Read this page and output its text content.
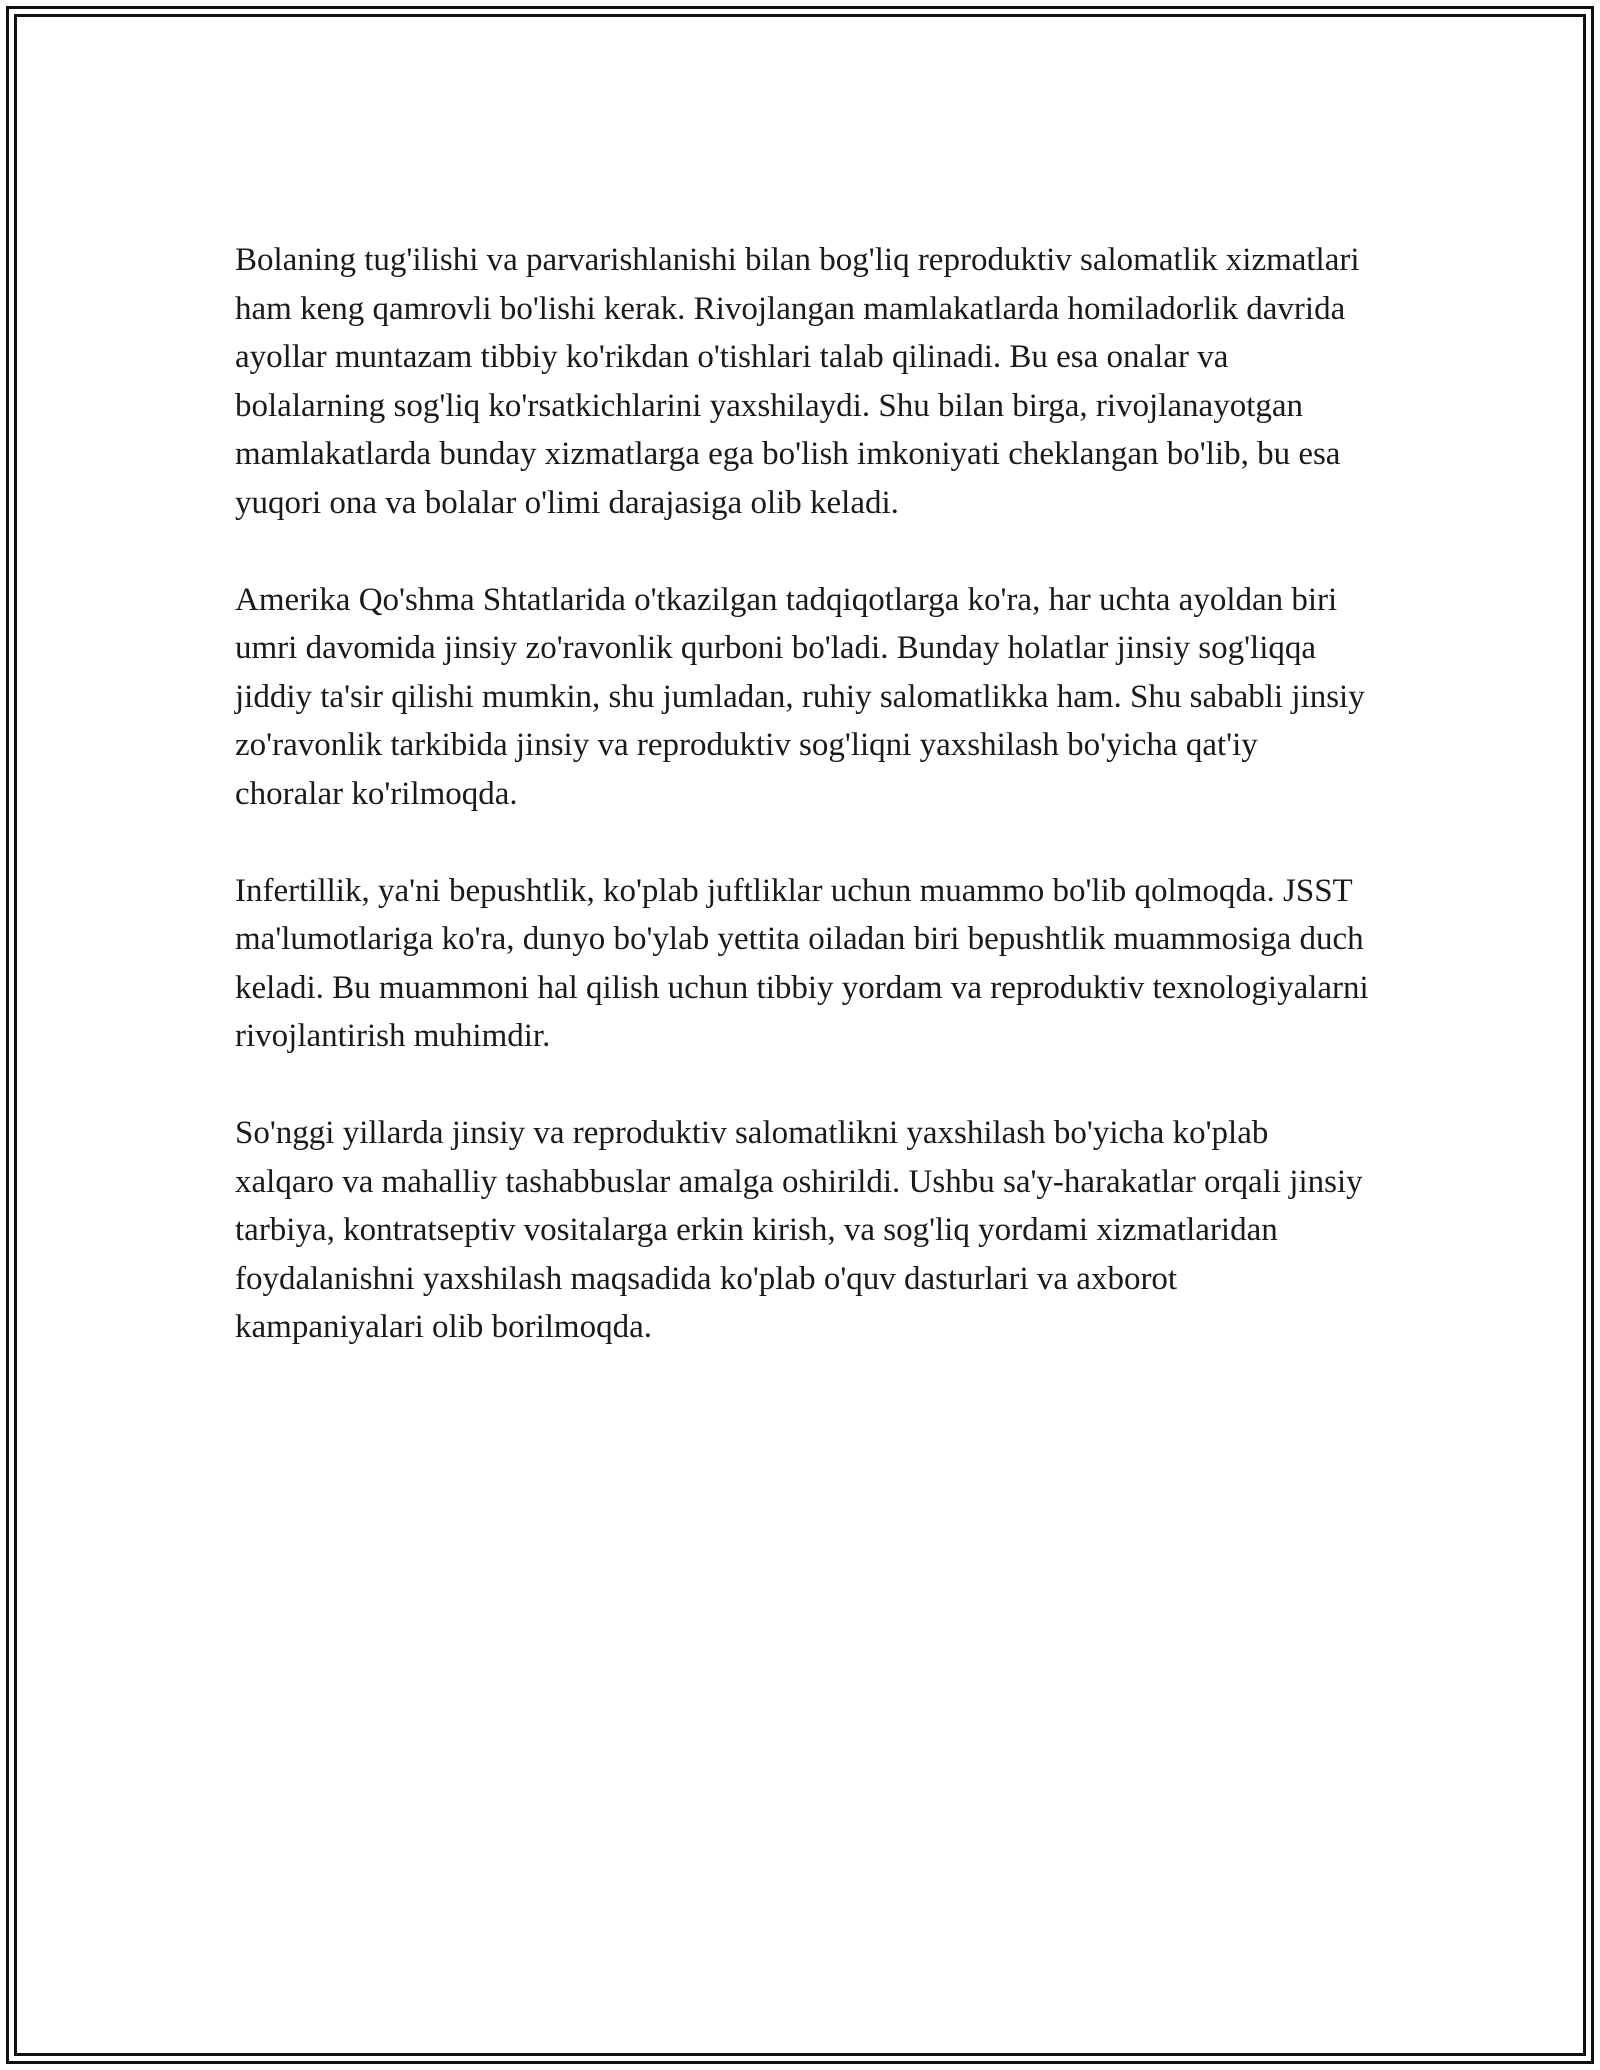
Bolaning tug'ilishi va parvarishlanishi bilan bog'liq reproduktiv salomatlik xizmatlari ham keng qamrovli bo'lishi kerak. Rivojlangan mamlakatlarda homiladorlik davrida ayollar muntazam tibbiy ko'rikdan o'tishlari talab qilinadi. Bu esa onalar va bolalarning sog'liq ko'rsatkichlarini yaxshilaydi. Shu bilan birga, rivojlanayotgan mamlakatlarda bunday xizmatlarga ega bo'lish imkoniyati cheklangan bo'lib, bu esa yuqori ona va bolalar o'limi darajasiga olib keladi.

Amerika Qo'shma Shtatlarida o'tkazilgan tadqiqotlarga ko'ra, har uchta ayoldan biri umri davomida jinsiy zo'ravonlik qurboni bo'ladi. Bunday holatlar jinsiy sog'liqqa jiddiy ta'sir qilishi mumkin, shu jumladan, ruhiy salomatlikka ham. Shu sababli jinsiy zo'ravonlik tarkibida jinsiy va reproduktiv sog'liqni yaxshilash bo'yicha qat'iy choralar ko'rilmoqda.

Infertillik, ya'ni bepushtlik, ko'plab juftliklar uchun muammo bo'lib qolmoqda. JSST ma'lumotlariga ko'ra, dunyo bo'ylab yettita oiladan biri bepushtlik muammosiga duch keladi. Bu muammoni hal qilish uchun tibbiy yordam va reproduktiv texnologiyalarni rivojlantirish muhimdir.

So'nggi yillarda jinsiy va reproduktiv salomatlikni yaxshilash bo'yicha ko'plab xalqaro va mahalliy tashabbuslar amalga oshirildi. Ushbu sa'y-harakatlar orqali jinsiy tarbiya, kontratseptiv vositalarga erkin kirish, va sog'liq yordami xizmatlaridan foydalanishni yaxshilash maqsadida ko'plab o'quv dasturlari va axborot kampaniyalari olib borilmoqda.
